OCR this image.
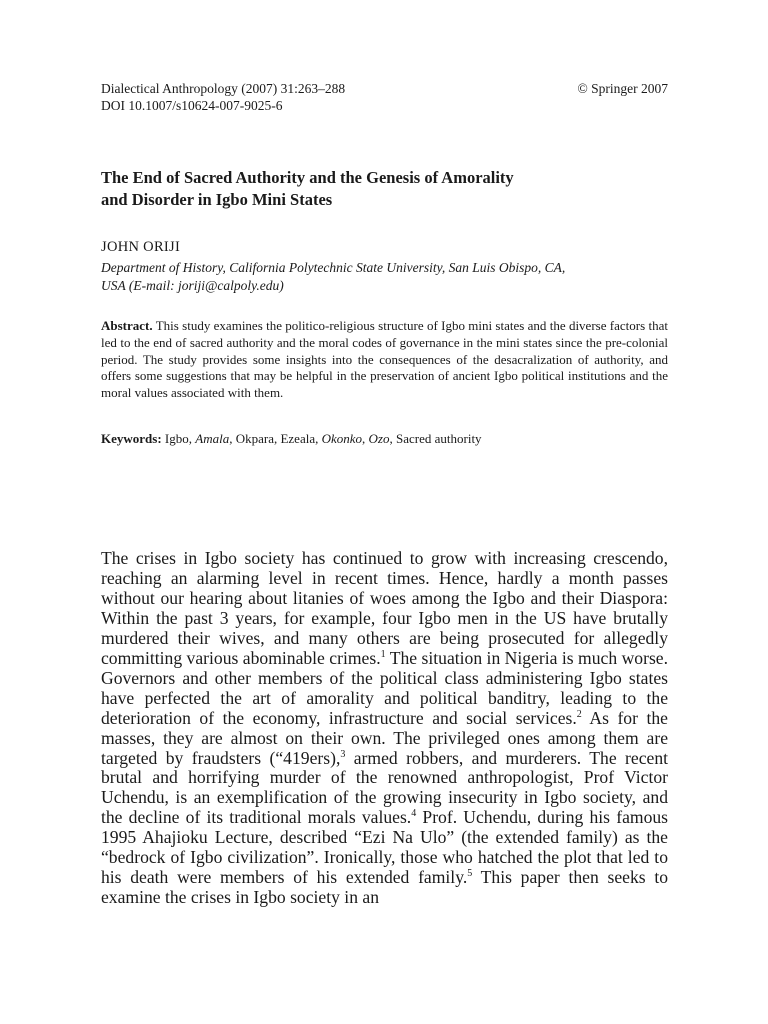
Dialectical Anthropology (2007) 31:263–288	© Springer 2007
DOI 10.1007/s10624-007-9025-6
The End of Sacred Authority and the Genesis of Amorality
and Disorder in Igbo Mini States
JOHN ORIJI
Department of History, California Polytechnic State University, San Luis Obispo, CA,
USA (E-mail: joriji@calpoly.edu)
Abstract. This study examines the politico-religious structure of Igbo mini states and the diverse factors that led to the end of sacred authority and the moral codes of governance in the mini states since the pre-colonial period. The study provides some insights into the consequences of the desacralization of authority, and offers some suggestions that may be helpful in the preservation of ancient Igbo political institutions and the moral values associated with them.
Keywords: Igbo, Amala, Okpara, Ezeala, Okonko, Ozo, Sacred authority

The crises in Igbo society has continued to grow with increasing crescendo, reaching an alarming level in recent times. Hence, hardly a month passes without our hearing about litanies of woes among the Igbo and their Diaspora: Within the past 3 years, for example, four Igbo men in the US have brutally murdered their wives, and many others are being prosecuted for allegedly committing various abominable crimes.$^1$ The situation in Nigeria is much worse. Governors and other members of the political class administering Igbo states have perfected the art of amorality and political banditry, leading to the deterioration of the economy, infrastructure and social services.$^2$ As for the masses, they are almost on their own. The privileged ones among them are targeted by fraudsters (“419ers),$^3$ armed robbers, and murderers. The recent brutal and horrifying murder of the renowned anthropologist, Prof Victor Uchendu, is an exemplification of the growing insecurity in Igbo society, and the decline of its traditional morals values.$^4$ Prof. Uchendu, during his famous 1995 Ahajioku Lecture, described “Ezi Na Ulo” (the extended family) as the “bedrock of Igbo civilization”. Ironically, those who hatched the plot that led to his death were members of his extended family.$^5$ This paper then seeks to examine the crises in Igbo society in an
